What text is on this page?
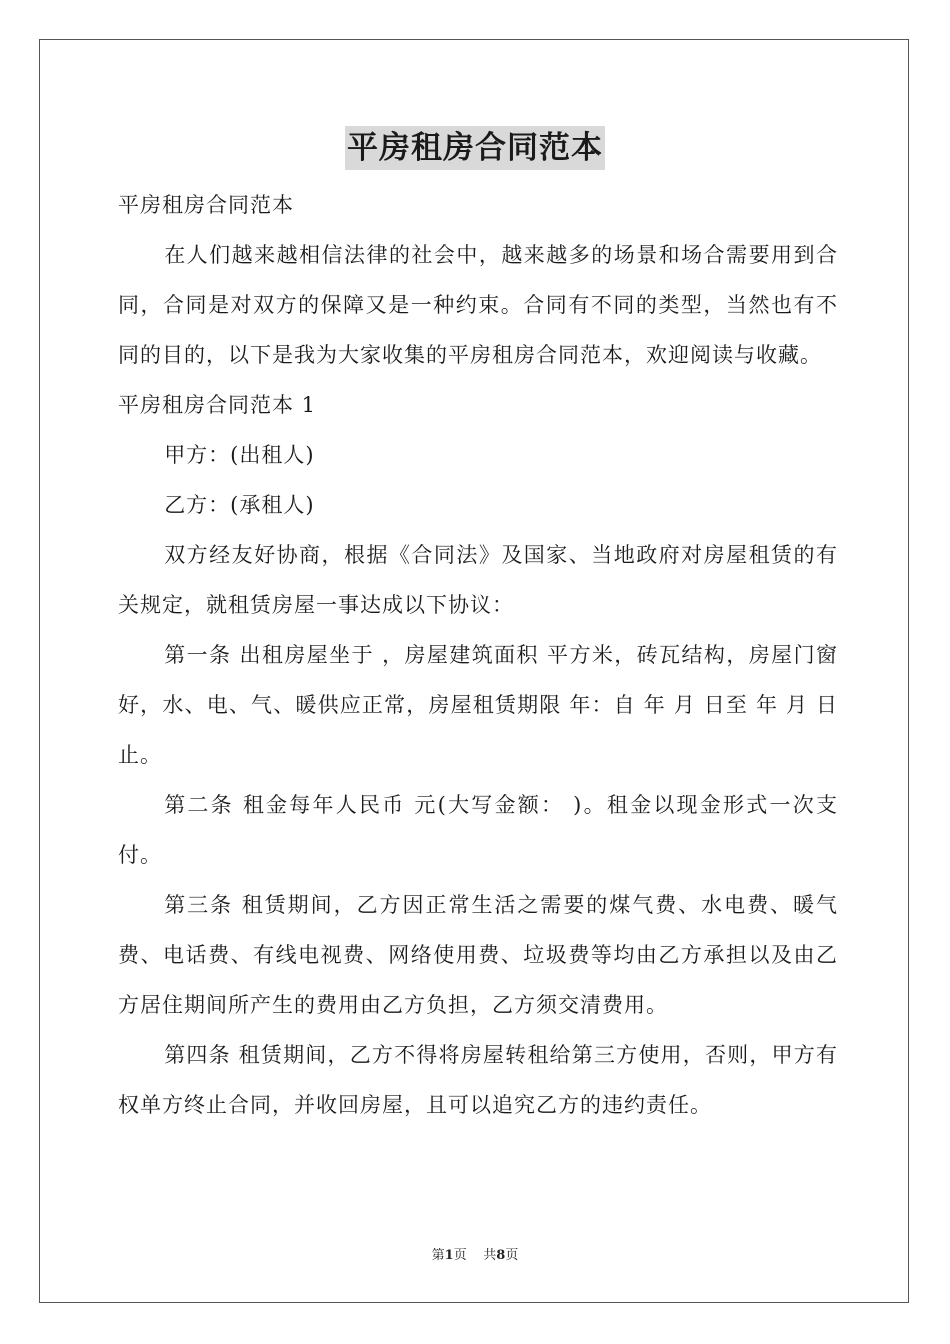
平房租房合同范本

平房租房合同范本

在人们越来越相信法律的社会中，越来越多的场景和场合需要用到合同，合同是对双方的保障又是一种约束。合同有不同的类型，当然也有不同的目的，以下是我为大家收集的平房租房合同范本，欢迎阅读与收藏。

平房租房合同范本 1

甲方：(出租人)

乙方：(承租人)

双方经友好协商，根据《合同法》及国家、当地政府对房屋租赁的有关规定，就租赁房屋一事达成以下协议：

第一条 出租房屋坐于 ，房屋建筑面积 平方米，砖瓦结构，房屋门窗好，水、电、气、暖供应正常，房屋租赁期限 年：自 年 月 日至 年 月 日止。

第二条 租金每年人民币 元(大写金额： )。租金以现金形式一次支付。

第三条 租赁期间，乙方因正常生活之需要的煤气费、水电费、暖气费、电话费、有线电视费、网络使用费、垃圾费等均由乙方承担以及由乙方居住期间所产生的费用由乙方负担，乙方须交清费用。

第四条 租赁期间，乙方不得将房屋转租给第三方使用，否则，甲方有权单方终止合同，并收回房屋，且可以追究乙方的违约责任。

第1页 共8页
